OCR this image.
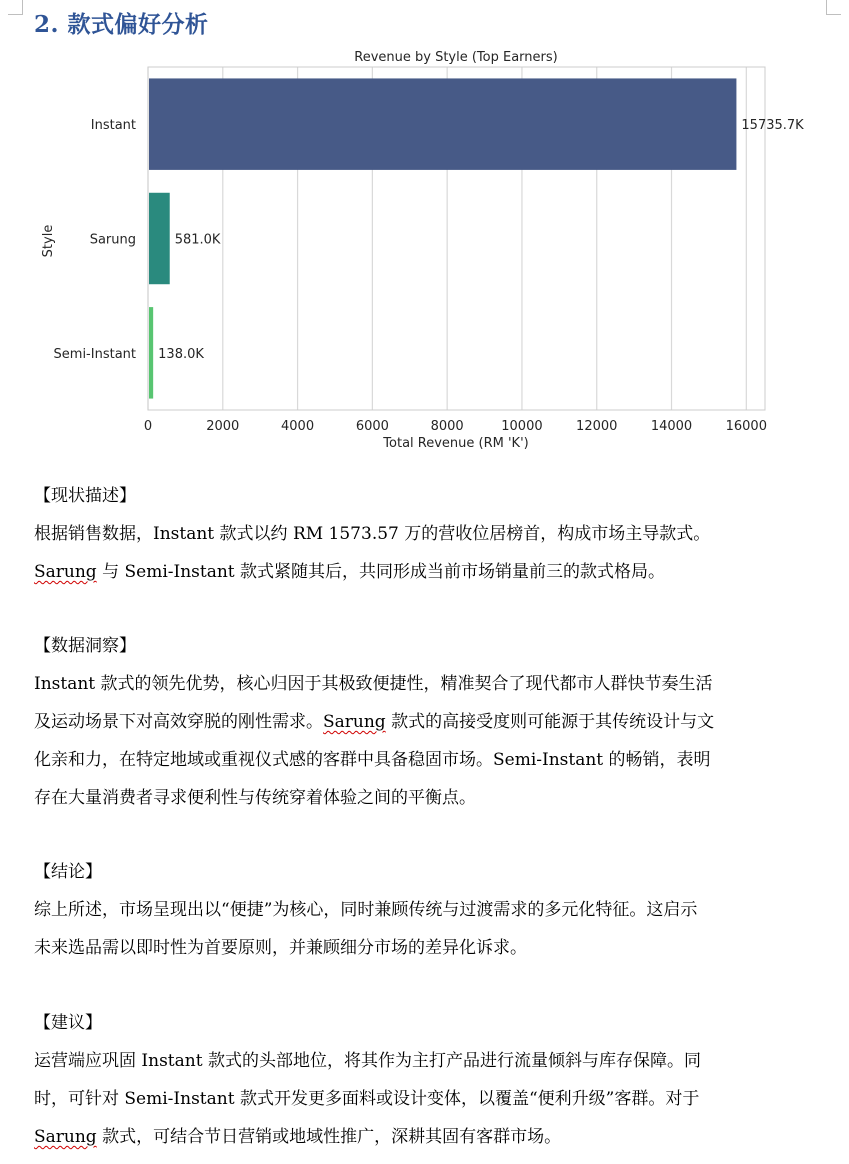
2. 款式偏好分析
Revenue by Style (Top Earners)
Total Revenue (RM 'K')
Style
0	2000	4000	6000	8000	10000	12000	14000	16000
Instant	15735.7K
Sarung	581.0K
Semi-Instant 138.0K
【现状描述】
根据销售数据，Instant 款式以约 RM 1573.57 万的营收位居榜首，构成市场主导款式。
Sarung 与 Semi-Instant 款式紧随其后，共同形成当前市场销量前三的款式格局。
【数据洞察】
Instant 款式的领先优势，核心归因于其极致便捷性，精准契合了现代都市人群快节奏生活
及运动场景下对高效穿脱的刚性需求。Sarung 款式的高接受度则可能源于其传统设计与文
化亲和力，在特定地域或重视仪式感的客群中具备稳固市场。Semi-Instant 的畅销，表明
存在大量消费者寻求便利性与传统穿着体验之间的平衡点。
【结论】
综上所述，市场呈现出以“便捷”为核心，同时兼顾传统与过渡需求的多元化特征。这启示
未来选品需以即时性为首要原则，并兼顾细分市场的差异化诉求。
【建议】
运营端应巩固 Instant 款式的头部地位，将其作为主打产品进行流量倾斜与库存保障。同
时，可针对 Semi-Instant 款式开发更多面料或设计变体，以覆盖“便利升级”客群。对于
Sarung 款式，可结合节日营销或地域性推广，深耕其固有客群市场。
